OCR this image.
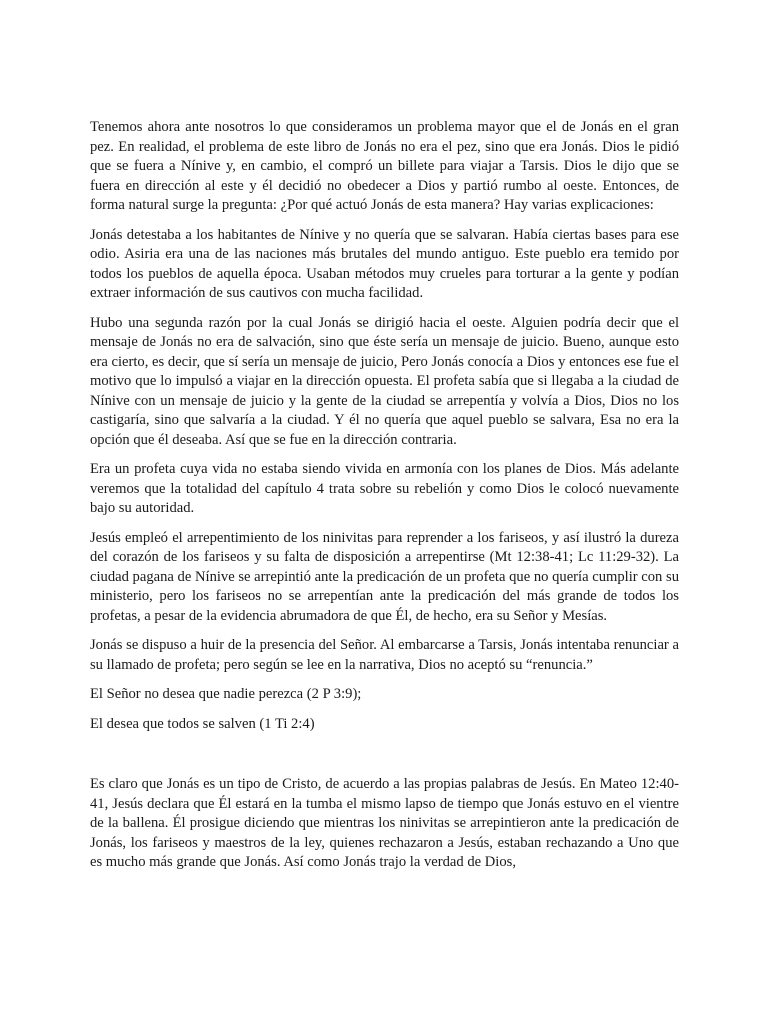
Tenemos ahora ante nosotros lo que consideramos un problema mayor que el de Jonás en el gran pez. En realidad, el problema de este libro de Jonás no era el pez, sino que era Jonás. Dios le pidió que se fuera a Nínive y, en cambio, el compró un billete para viajar a Tarsis. Dios le dijo que se fuera en dirección al este y él decidió no obedecer a Dios y partió rumbo al oeste. Entonces, de forma natural surge la pregunta: ¿Por qué actuó Jonás de esta manera? Hay varias explicaciones:

Jonás detestaba a los habitantes de Nínive y no quería que se salvaran. Había ciertas bases para ese odio. Asiria era una de las naciones más brutales del mundo antiguo. Este pueblo era temido por todos los pueblos de aquella época. Usaban métodos muy crueles para torturar a la gente y podían extraer información de sus cautivos con mucha facilidad.

Hubo una segunda razón por la cual Jonás se dirigió hacia el oeste. Alguien podría decir que el mensaje de Jonás no era de salvación, sino que éste sería un mensaje de juicio. Bueno, aunque esto era cierto, es decir, que sí sería un mensaje de juicio, Pero Jonás conocía a Dios y entonces ese fue el motivo que lo impulsó a viajar en la dirección opuesta. El profeta sabía que si llegaba a la ciudad de Nínive con un mensaje de juicio y la gente de la ciudad se arrepentía y volvía a Dios, Dios no los castigaría, sino que salvaría a la ciudad. Y él no quería que aquel pueblo se salvara, Esa no era la opción que él deseaba. Así que se fue en la dirección contraria.

Era un profeta cuya vida no estaba siendo vivida en armonía con los planes de Dios. Más adelante veremos que la totalidad del capítulo 4 trata sobre su rebelión y como Dios le colocó nuevamente bajo su autoridad.

Jesús empleó el arrepentimiento de los ninivitas para reprender a los fariseos, y así ilustró la dureza del corazón de los fariseos y su falta de disposición a arrepentirse (Mt 12:38-41; Lc 11:29-32). La ciudad pagana de Nínive se arrepintió ante la predicación de un profeta que no quería cumplir con su ministerio, pero los fariseos no se arrepentían ante la predicación del más grande de todos los profetas, a pesar de la evidencia abrumadora de que Él, de hecho, era su Señor y Mesías.

Jonás se dispuso a huir de la presencia del Señor. Al embarcarse a Tarsis, Jonás intentaba renunciar a su llamado de profeta; pero según se lee en la narrativa, Dios no aceptó su “renuncia.”

El Señor no desea que nadie perezca (2 P 3:9);

El desea que todos se salven (1 Ti 2:4)

Es claro que Jonás es un tipo de Cristo, de acuerdo a las propias palabras de Jesús. En Mateo 12:40-41, Jesús declara que Él estará en la tumba el mismo lapso de tiempo que Jonás estuvo en el vientre de la ballena. Él prosigue diciendo que mientras los ninivitas se arrepintieron ante la predicación de Jonás, los fariseos y maestros de la ley, quienes rechazaron a Jesús, estaban rechazando a Uno que es mucho más grande que Jonás. Así como Jonás trajo la verdad de Dios,
